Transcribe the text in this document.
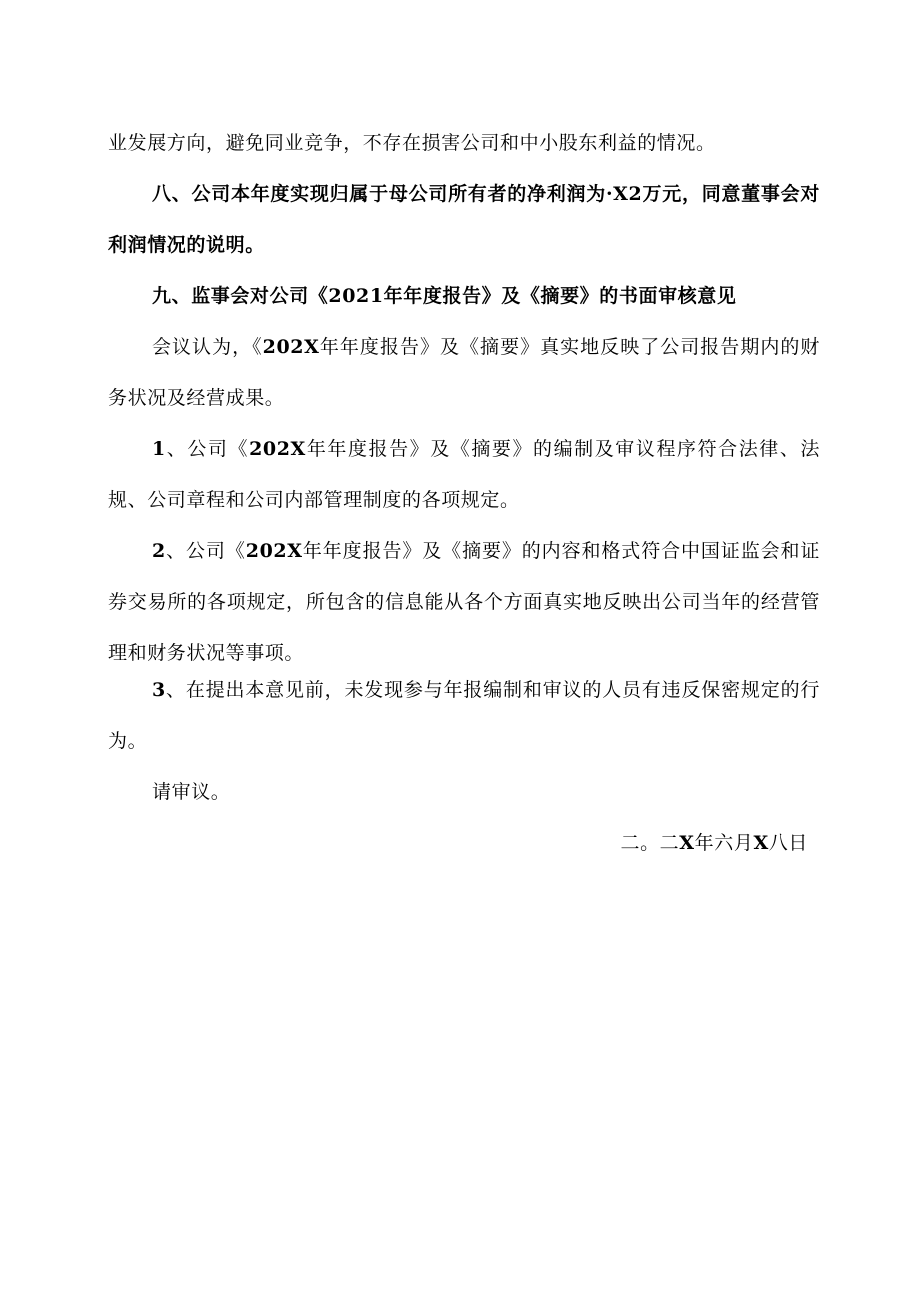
业发展方向，避免同业竞争，不存在损害公司和中小股东利益的情况。

八、公司本年度实现归属于母公司所有者的净利润为·X2万元，同意董事会对利润情况的说明。

九、监事会对公司《2021年年度报告》及《摘要》的书面审核意见

会议认为，《202X年年度报告》及《摘要》真实地反映了公司报告期内的财务状况及经营成果。

1、公司《202X年年度报告》及《摘要》的编制及审议程序符合法律、法规、公司章程和公司内部管理制度的各项规定。

2、公司《202X年年度报告》及《摘要》的内容和格式符合中国证监会和证券交易所的各项规定，所包含的信息能从各个方面真实地反映出公司当年的经营管理和财务状况等事项。

3、在提出本意见前，未发现参与年报编制和审议的人员有违反保密规定的行为。

请审议。

二。二X年六月X八日
